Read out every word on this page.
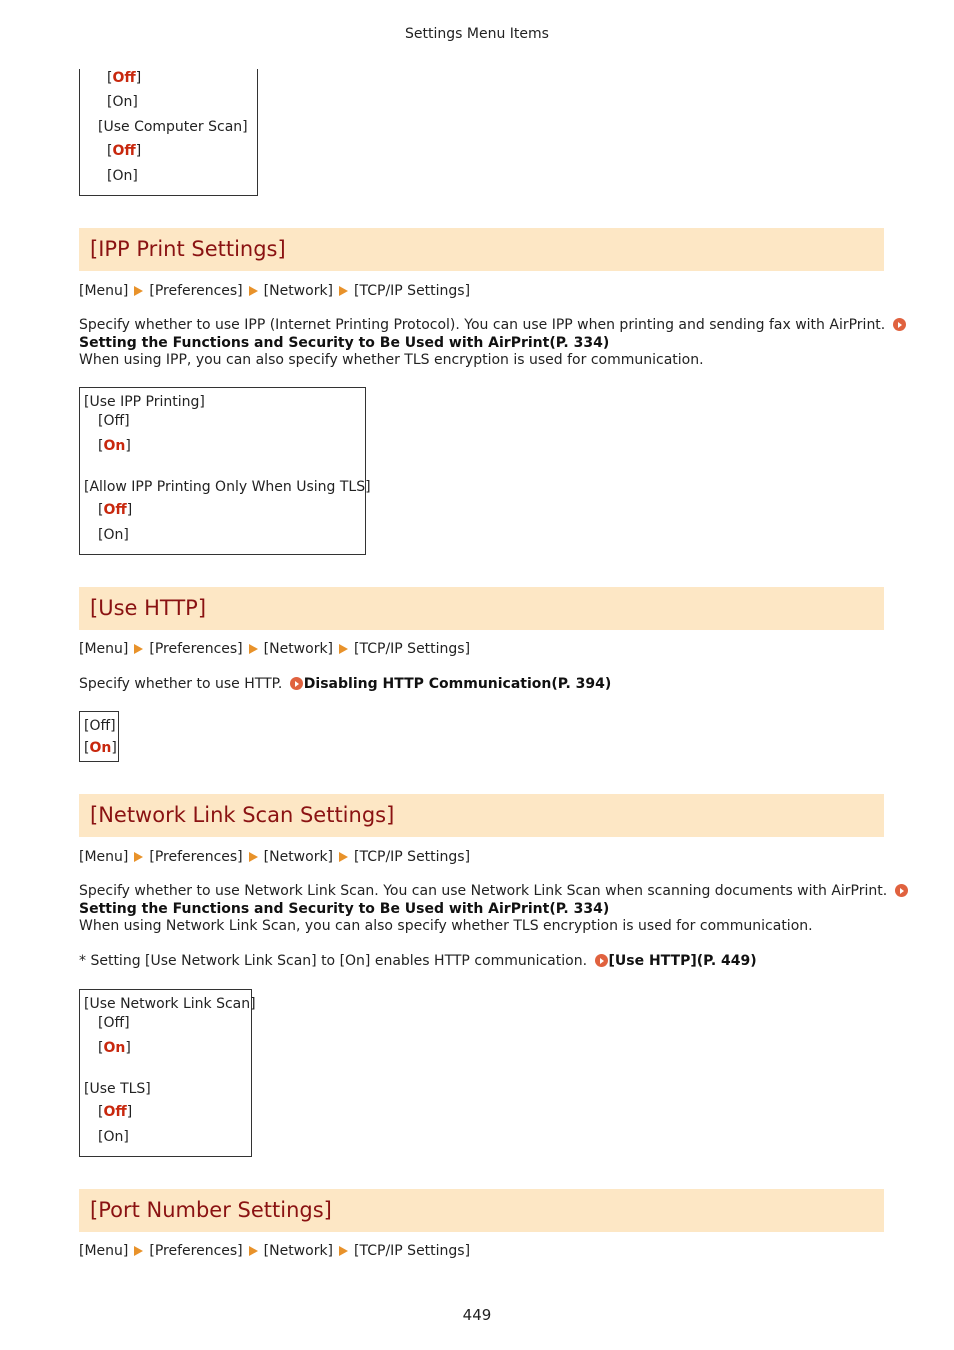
Settings Menu Items
[Off]
[On]
[Use Computer Scan]
[Off]
[On]
[IPP Print Settings]
[Menu] [Preferences] [Network] [TCP/IP Settings]
Specify whether to use IPP (Internet Printing Protocol). You can use IPP when printing and sending fax with AirPrint.
Setting the Functions and Security to Be Used with AirPrint(P. 334)
When using IPP, you can also specify whether TLS encryption is used for communication.
[Use IPP Printing]
[Off]
[On]
[Allow IPP Printing Only When Using TLS]
[Off]
[On]
[Use HTTP]
[Menu] [Preferences] [Network] [TCP/IP Settings]
Specify whether to use HTTP. Disabling HTTP Communication(P. 394)
[Off]
[On]
[Network Link Scan Settings]
[Menu] [Preferences] [Network] [TCP/IP Settings]
Specify whether to use Network Link Scan. You can use Network Link Scan when scanning documents with AirPrint.
Setting the Functions and Security to Be Used with AirPrint(P. 334)
When using Network Link Scan, you can also specify whether TLS encryption is used for communication.
* Setting [Use Network Link Scan] to [On] enables HTTP communication. [Use HTTP](P. 449)
[Use Network Link Scan]
[Off]
[On]
[Use TLS]
[Off]
[On]
[Port Number Settings]
[Menu] [Preferences] [Network] [TCP/IP Settings]
449
